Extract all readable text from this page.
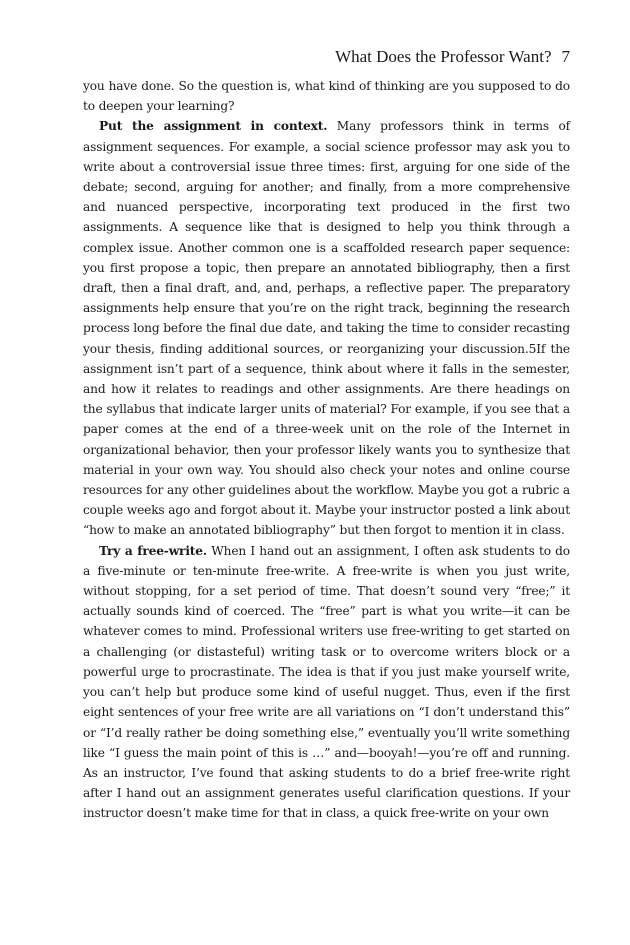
What Does the Professor Want? 7

you have done. So the question is, what kind of thinking are you supposed to do to deepen your learning?

Put the assignment in context. Many professors think in terms of assignment sequences. For example, a social science professor may ask you to write about a controversial issue three times: first, arguing for one side of the debate; second, arguing for another; and finally, from a more comprehensive and nuanced perspective, incorporating text produced in the first two assignments. A sequence like that is designed to help you think through a complex issue. Another common one is a scaffolded research paper sequence: you first propose a topic, then prepare an annotated bibliography, then a first draft, then a final draft, and, and, perhaps, a reflective paper. The preparatory assignments help ensure that you’re on the right track, beginning the research process long before the final due date, and taking the time to consider recasting your thesis, finding additional sources, or reorganizing your discussion.5If the assignment isn’t part of a sequence, think about where it falls in the semester, and how it relates to readings and other assignments. Are there headings on the syllabus that indicate larger units of material? For example, if you see that a paper comes at the end of a three-week unit on the role of the Internet in organizational behavior, then your professor likely wants you to synthesize that material in your own way. You should also check your notes and online course resources for any other guidelines about the workflow. Maybe you got a rubric a couple weeks ago and forgot about it. Maybe your instructor posted a link about “how to make an annotated bibliography” but then forgot to mention it in class.

Try a free-write. When I hand out an assignment, I often ask students to do a five-minute or ten-minute free-write. A free-write is when you just write, without stopping, for a set period of time. That doesn’t sound very “free;” it actually sounds kind of coerced. The “free” part is what you write—it can be whatever comes to mind. Professional writers use free-writing to get started on a challenging (or distasteful) writing task or to overcome writers block or a powerful urge to procrastinate. The idea is that if you just make yourself write, you can’t help but produce some kind of useful nugget. Thus, even if the first eight sentences of your free write are all variations on “I don’t understand this” or “I’d really rather be doing something else,” eventually you’ll write something like “I guess the main point of this is …” and—booyah!—you’re off and running. As an instructor, I’ve found that asking students to do a brief free-write right after I hand out an assignment generates useful clarification questions. If your instructor doesn’t make time for that in class, a quick free-write on your own
